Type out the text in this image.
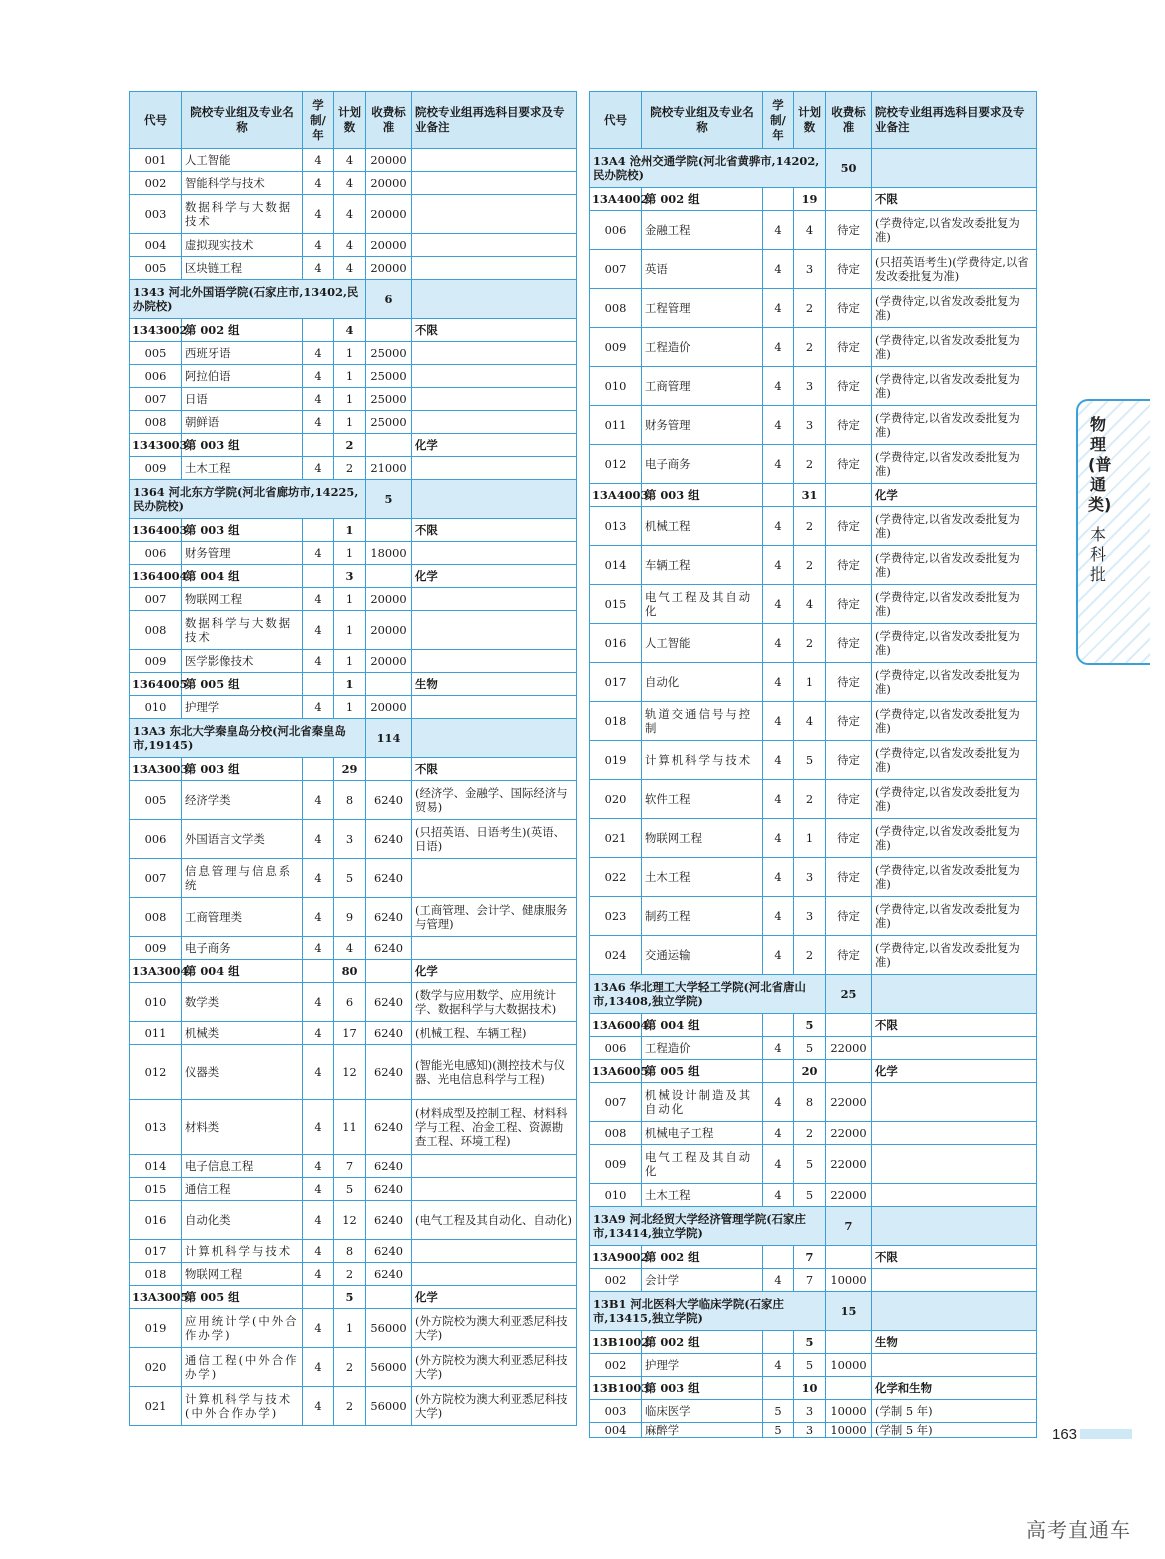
代号	院校专业组及专业名称	学制/年	计划数	收费标准	院校专业组再选科目要求及专业备注
001	人工智能	4	4	20000	
002	智能科学与技术	4	4	20000	
003	数据科学与大数据技术	4	4	20000	
004	虚拟现实技术	4	4	20000	
005	区块链工程	4	4	20000	
1343 河北外国语学院(石家庄市,13402,民办院校)				6	
1343002	第 002 组		4		不限
005	西班牙语	4	1	25000	
006	阿拉伯语	4	1	25000	
007	日语	4	1	25000	
008	朝鲜语	4	1	25000	
1343003	第 003 组		2		化学
009	土木工程	4	2	21000	
1364 河北东方学院(河北省廊坊市,14225,民办院校)				5	
1364003	第 003 组		1		不限
006	财务管理	4	1	18000	
1364004	第 004 组		3		化学
007	物联网工程	4	1	20000	
008	数据科学与大数据技术	4	1	20000	
009	医学影像技术	4	1	20000	
1364005	第 005 组		1		生物
010	护理学	4	1	20000	
13A3 东北大学秦皇岛分校(河北省秦皇岛市,19145)				114	
13A3003	第 003 组		29		不限
005	经济学类	4	8	6240	(经济学、金融学、国际经济与贸易)
006	外国语言文学类	4	3	6240	(只招英语、日语考生)(英语、日语)
007	信息管理与信息系统	4	5	6240	
008	工商管理类	4	9	6240	(工商管理、会计学、健康服务与管理)
009	电子商务	4	4	6240	
13A3004	第 004 组		80		化学
010	数学类	4	6	6240	(数学与应用数学、应用统计学、数据科学与大数据技术)
011	机械类	4	17	6240	(机械工程、车辆工程)
012	仪器类	4	12	6240	(智能光电感知)(测控技术与仪器、光电信息科学与工程)
013	材料类	4	11	6240	(材料成型及控制工程、材料科学与工程、冶金工程、资源勘查工程、环境工程)
014	电子信息工程	4	7	6240	
015	通信工程	4	5	6240	
016	自动化类	4	12	6240	(电气工程及其自动化、自动化)
017	计算机科学与技术	4	8	6240	
018	物联网工程	4	2	6240	
13A3005	第 005 组		5		化学
019	应用统计学(中外合作办学)	4	1	56000	(外方院校为澳大利亚悉尼科技大学)
020	通信工程(中外合作办学)	4	2	56000	(外方院校为澳大利亚悉尼科技大学)
021	计算机科学与技术(中外合作办学)	4	2	56000	(外方院校为澳大利亚悉尼科技大学)
代号	院校专业组及专业名称	学制/年	计划数	收费标准	院校专业组再选科目要求及专业备注
13A4 沧州交通学院(河北省黄骅市,14202,民办院校)				50	
13A4002	第 002 组		19		不限
006	金融工程	4	4	待定	(学费待定,以省发改委批复为准)
007	英语	4	3	待定	(只招英语考生)(学费待定,以省发改委批复为准)
008	工程管理	4	2	待定	(学费待定,以省发改委批复为准)
009	工程造价	4	2	待定	(学费待定,以省发改委批复为准)
010	工商管理	4	3	待定	(学费待定,以省发改委批复为准)
011	财务管理	4	3	待定	(学费待定,以省发改委批复为准)
012	电子商务	4	2	待定	(学费待定,以省发改委批复为准)
13A4003	第 003 组		31		化学
013	机械工程	4	2	待定	(学费待定,以省发改委批复为准)
014	车辆工程	4	2	待定	(学费待定,以省发改委批复为准)
015	电气工程及其自动化	4	4	待定	(学费待定,以省发改委批复为准)
016	人工智能	4	2	待定	(学费待定,以省发改委批复为准)
017	自动化	4	1	待定	(学费待定,以省发改委批复为准)
018	轨道交通信号与控制	4	4	待定	(学费待定,以省发改委批复为准)
019	计算机科学与技术	4	5	待定	(学费待定,以省发改委批复为准)
020	软件工程	4	2	待定	(学费待定,以省发改委批复为准)
021	物联网工程	4	1	待定	(学费待定,以省发改委批复为准)
022	土木工程	4	3	待定	(学费待定,以省发改委批复为准)
023	制药工程	4	3	待定	(学费待定,以省发改委批复为准)
024	交通运输	4	2	待定	(学费待定,以省发改委批复为准)
13A6 华北理工大学轻工学院(河北省唐山市,13408,独立学院)				25	
13A6004	第 004 组		5		不限
006	工程造价	4	5	22000	
13A6005	第 005 组		20		化学
007	机械设计制造及其自动化	4	8	22000	
008	机械电子工程	4	2	22000	
009	电气工程及其自动化	4	5	22000	
010	土木工程	4	5	22000	
13A9 河北经贸大学经济管理学院(石家庄市,13414,独立学院)				7	
13A9002	第 002 组		7		不限
002	会计学	4	7	10000	
13B1 河北医科大学临床学院(石家庄市,13415,独立学院)				15	
13B1002	第 002 组		5		生物
002	护理学	4	5	10000	
13B1003	第 003 组		10		化学和生物
003	临床医学	5	3	10000	(学制 5 年)
004	麻醉学	5	3	10000	(学制 5 年)
物理(普通类)
本科批
163
高考直通车
